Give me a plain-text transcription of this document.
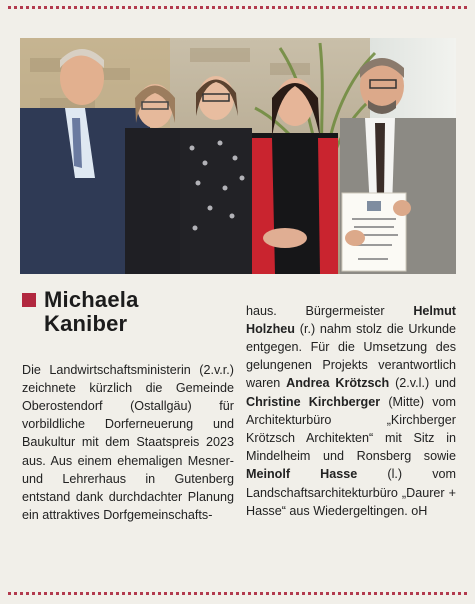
Michaela
Kaniber

Die Landwirtschaftsministerin (2.v.r.) zeichnete kürzlich die Gemeinde Oberostendorf (Ostallgäu) für vorbildliche Dorferneuerung und Baukultur mit dem Staatspreis 2023 aus. Aus einem ehemaligen Mesner- und Lehrerhaus in Gutenberg entstand dank durchdachter Planung ein attraktives Dorfgemeinschafts-

haus. Bürgermeister Helmut Holzheu (r.) nahm stolz die Urkunde entgegen. Für die Umsetzung des gelungenen Projekts verantwortlich waren Andrea Krötzsch (2.v.l.) und Christine Kirchberger (Mitte) vom Architekturbüro „Kirchberger Krötzsch Architekten“ mit Sitz in Mindelheim und Ronsberg sowie Meinolf Hasse (l.) vom Landschaftsarchitekturbüro „Daurer + Hasse“ aus Wiedergeltingen. oH
